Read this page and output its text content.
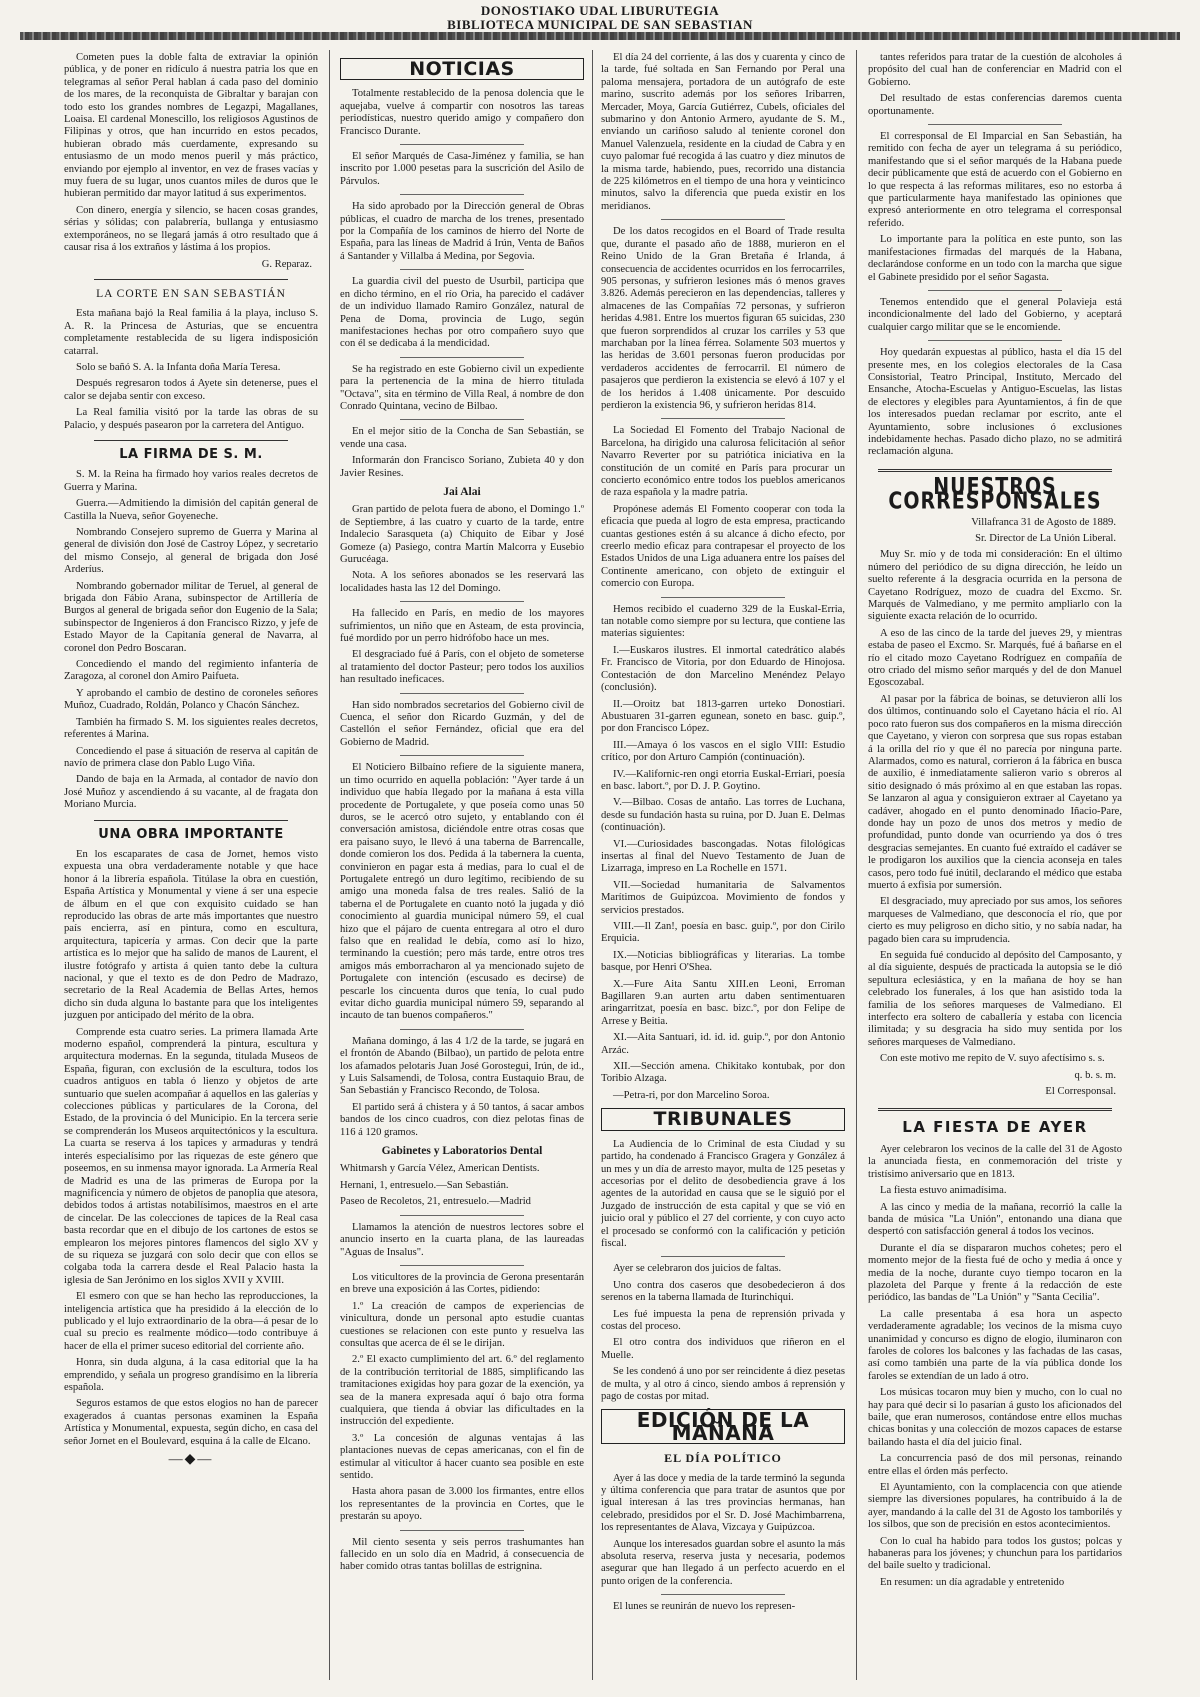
DONOSTIAKO UDAL LIBURUTEGIA
BIBLIOTECA MUNICIPAL DE SAN SEBASTIAN

Cometen pues la doble falta de extraviar la opinión pública, y de poner en ridículo á nuestra patria los que en telegramas al señor Peral hablan á cada paso del dominio de los mares, de la reconquista de Gibraltar y barajan con todo esto los grandes nombres de Legazpi, Magallanes, Loaisa. El cardenal Monescillo, los religiosos Agustinos de Filipinas y otros, que han incurrido en estos pecados, hubieran obrado más cuerdamente, expresando su entusiasmo de un modo menos pueril y más práctico, enviando por ejemplo al inventor, en vez de frases vacías y muy fuera de su lugar, unos cuantos miles de duros que le hubieran permitido dar mayor latitud á sus experimentos.

Con dinero, energía y silencio, se hacen cosas grandes, sérias y sólidas; con palabrería, bullanga y entusiasmo extemporáneos, no se llegará jamás á otro resultado que á causar risa á los extraños y lástima á los propios.

G. Reparaz.

LA CORTE EN SAN SEBASTIÁN

Esta mañana bajó la Real familia á la playa, incluso S. A. R. la Princesa de Asturias, que se encuentra completamente restablecida de su ligera indisposición catarral.

Solo se bañó S. A. la Infanta doña María Teresa.

Después regresaron todos á Ayete sin detenerse, pues el calor se dejaba sentir con exceso.

La Real familia visitó por la tarde las obras de su Palacio, y después pasearon por la carretera del Antiguo.

LA FIRMA DE S. M.

S. M. la Reina ha firmado hoy varios reales decretos de Guerra y Marina.

Guerra.—Admitiendo la dimisión del capitán general de Castilla la Nueva, señor Goyeneche.

Nombrando Consejero supremo de Guerra y Marina al general de división don José de Castroy López, y secretario del mismo Consejo, al general de brigada don José Arderíus.

Nombrando gobernador militar de Teruel, al general de brigada don Fábio Arana, subinspector de Artillería de Burgos al general de brigada señor don Eugenio de la Sala; subinspector de Ingenieros á don Francisco Rizzo, y jefe de Estado Mayor de la Capitanía general de Navarra, al coronel don Pedro Boscaran.

Concediendo el mando del regimiento infantería de Zaragoza, al coronel don Amiro Paifueta.

Y aprobando el cambio de destino de coroneles señores Muñoz, Cuadrado, Roldán, Polanco y Chacón Sánchez.

También ha firmado S. M. los siguientes reales decretos, referentes á Marina.

Concediendo el pase á situación de reserva al capitán de navío de primera clase don Pablo Lugo Viña.

Dando de baja en la Armada, al contador de navío don José Muñoz y ascendiendo á su vacante, al de fragata don Moriano Murcia.

UNA OBRA IMPORTANTE

En los escaparates de casa de Jornet, hemos visto expuesta una obra verdaderamente notable y que hace honor á la librería española. Titúlase la obra en cuestión, España Artística y Monumental y viene á ser una especie de álbum en el que con exquisito cuidado se han reproducido las obras de arte más importantes que nuestro país encierra, así en pintura, como en escultura, arquitectura, tapicería y armas. Con decir que la parte artística es lo mejor que ha salido de manos de Laurent, el ilustre fotógrafo y artista á quien tanto debe la cultura nacional, y que el texto es de don Pedro de Madrazo, secretario de la Real Academia de Bellas Artes, hemos dicho sin duda alguna lo bastante para que los inteligentes juzguen por anticipado del mérito de la obra.

Comprende esta cuatro series. La primera llamada Arte moderno español, comprenderá la pintura, escultura y arquitectura modernas. En la segunda, titulada Museos de España, figuran, con exclusión de la escultura, todos los cuadros antiguos en tabla ó lienzo y objetos de arte suntuario que suelen acompañar á aquellos en las galerías y colecciones públicas y particulares de la Corona, del Estado, de la provincia ó del Municipio. En la tercera serie se comprenderán los Museos arquitectónicos y la escultura. La cuarta se reserva á los tapices y armaduras y tendrá interés especialísimo por las riquezas de este género que poseemos, en su inmensa mayor ignorada. La Armería Real de Madrid es una de las primeras de Europa por la magnificencia y número de objetos de panoplia que atesora, debidos todos á artistas notabilísimos, maestros en el arte de cincelar. De las colecciones de tapices de la Real casa basta recordar que en el dibujo de los cartones de estos se emplearon los mejores pintores flamencos del siglo XV y de su riqueza se juzgará con solo decir que con ellos se colgaba toda la carrera desde el Real Palacio hasta la iglesia de San Jerónimo en los siglos XVII y XVIII.

El esmero con que se han hecho las reproducciones, la inteligencia artística que ha presidido á la elección de lo publicado y el lujo extraordinario de la obra—á pesar de lo cual su precio es realmente módico—todo contribuye á hacer de ella el primer suceso editorial del corriente año.

Honra, sin duda alguna, á la casa editorial que la ha emprendido, y señala un progreso grandísimo en la librería española.

Seguros estamos de que estos elogios no han de parecer exagerados á cuantas personas examinen la España Artística y Monumental, expuesta, según dicho, en casa del señor Jornet en el Boulevard, esquina á la calle de Elcano.

—◆—
NOTICIAS

Totalmente restablecido de la penosa dolencia que le aquejaba, vuelve á compartir con nosotros las tareas periodísticas, nuestro querido amigo y compañero don Francisco Durante.

El señor Marqués de Casa-Jiménez y familia, se han inscrito por 1.000 pesetas para la suscrición del Asilo de Párvulos.

Ha sido aprobado por la Dirección general de Obras públicas, el cuadro de marcha de los trenes, presentado por la Compañía de los caminos de hierro del Norte de España, para las líneas de Madrid á Irún, Venta de Baños á Santander y Villalba á Medina, por Segovia.

La guardia civil del puesto de Usurbil, participa que en dicho término, en el río Oria, ha parecido el cadáver de un individuo llamado Ramiro González, natural de Pena de Doma, provincia de Lugo, según manifestaciones hechas por otro compañero suyo que con él se dedicaba á la mendicidad.

Se ha registrado en este Gobierno civil un expediente para la pertenencia de la mina de hierro titulada "Octava", sita en término de Villa Real, á nombre de don Conrado Quintana, vecino de Bilbao.

En el mejor sitio de la Concha de San Sebastián, se vende una casa.

Informarán don Francisco Soriano, Zubieta 40 y don Javier Resines.

Jai Alai

Gran partido de pelota fuera de abono, el Domingo 1.º de Septiembre, á las cuatro y cuarto de la tarde, entre Indalecio Sarasqueta (a) Chiquito de Eibar y José Gomeze (a) Pasiego, contra Martín Malcorra y Eusebio Gurucéaga.

Nota. A los señores abonados se les reservará las localidades hasta las 12 del Domingo.

Ha fallecido en París, en medio de los mayores sufrimientos, un niño que en Asteam, de esta provincia, fué mordido por un perro hidrófobo hace un mes.

El desgraciado fué á París, con el objeto de someterse al tratamiento del doctor Pasteur; pero todos los auxilios han resultado ineficaces.

Han sido nombrados secretarios del Gobierno civil de Cuenca, el señor don Ricardo Guzmán, y del de Castellón el señor Fernández, oficial que era del Gobierno de Madrid.

El Noticiero Bilbaíno refiere de la siguiente manera, un timo ocurrido en aquella población: "Ayer tarde á un individuo que había llegado por la mañana á esta villa procedente de Portugalete, y que poseía como unas 50 duros, se le acercó otro sujeto, y entablando con él conversación amistosa, diciéndole entre otras cosas que era paisano suyo, le llevó á una taberna de Barrencalle, donde comieron los dos. Pedida á la tabernera la cuenta, convinieron en pagar esta á medias, para lo cual el de Portugalete entregó un duro legítimo, recibiendo de su amigo una moneda falsa de tres reales. Salió de la taberna el de Portugalete en cuanto notó la jugada y dió conocimiento al guardia municipal número 59, el cual hizo que el pájaro de cuenta entregara al otro el duro falso que en realidad le debía, como así lo hizo, terminando la cuestión; pero más tarde, entre otros tres amigos más emborracharon al ya mencionado sujeto de Portugalete con intención (escusado es decirse) de pescarle los cincuenta duros que tenía, lo cual pudo evitar dicho guardia municipal número 59, separando al incauto de tan buenos compañeros."

Mañana domingo, á las 4 1/2 de la tarde, se jugará en el frontón de Abando (Bilbao), un partido de pelota entre los afamados pelotaris Juan José Gorostegui, Irún, de id., y Luis Salsamendi, de Tolosa, contra Eustaquio Brau, de San Sebastián y Francisco Recondo, de Tolosa.

El partido será á chistera y á 50 tantos, á sacar ambos bandos de los cinco cuadros, con diez pelotas finas de 116 á 120 gramos.

Gabinetes y Laboratorios Dental

Whitmarsh y García Vélez, American Dentists.

Hernani, 1, entresuelo.—San Sebastián.

Paseo de Recoletos, 21, entresuelo.—Madrid

Llamamos la atención de nuestros lectores sobre el anuncio inserto en la cuarta plana, de las laureadas "Aguas de Insalus".

Los viticultores de la provincia de Gerona presentarán en breve una exposición á las Cortes, pidiendo:

1.º La creación de campos de experiencias de vinicultura, donde un personal apto estudie cuantas cuestiones se relacionen con este punto y resuelva las consultas que acerca de él se le dirijan.

2.º El exacto cumplimiento del art. 6.º del reglamento de la contribución territorial de 1885, simplificando las tramitaciones exigidas hoy para gozar de la exención, ya sea de la manera expresada aquí ó bajo otra forma cualquiera, que tienda á obviar las dificultades en la instrucción del expediente.

3.º La concesión de algunas ventajas á las plantaciones nuevas de cepas americanas, con el fin de estimular al viticultor á hacer cuanto sea posible en este sentido.

Hasta ahora pasan de 3.000 los firmantes, entre ellos los representantes de la provincia en Cortes, que le prestarán su apoyo.

Mil ciento sesenta y seis perros trashumantes han fallecido en un solo día en Madrid, á consecuencia de haber comido otras tantas bolillas de estrignina.

El día 24 del corriente, á las dos y cuarenta y cinco de la tarde, fué soltada en San Fernando por Peral una paloma mensajera, portadora de un autógrafo de este marino, suscrito además por los señores Iribarren, Mercader, Moya, García Gutiérrez, Cubels, oficiales del submarino y don Antonio Armero, ayudante de S. M., enviando un cariñoso saludo al teniente coronel don Manuel Valenzuela, residente en la ciudad de Cabra y en cuyo palomar fué recogida á las cuatro y diez minutos de la misma tarde, habiendo, pues, recorrido una distancia de 225 kilómetros en el tiempo de una hora y veinticinco minutos, salvo la diferencia que pueda existir en los meridianos.

De los datos recogidos en el Board of Trade resulta que, durante el pasado año de 1888, murieron en el Reino Unido de la Gran Bretaña é Irlanda, á consecuencia de accidentes ocurridos en los ferrocarriles, 905 personas, y sufrieron lesiones más ó menos graves 3.826. Además perecieron en las dependencias, talleres y almacenes de las Compañías 72 personas, y sufrieron heridas 4.981. Entre los muertos figuran 65 suicidas, 230 que fueron sorprendidos al cruzar los carriles y 53 que marchaban por la línea férrea. Solamente 503 muertos y las heridas de 3.601 personas fueron producidas por verdaderos accidentes de ferrocarril. El número de pasajeros que perdieron la existencia se elevó á 107 y el de los heridos á 1.408 únicamente. Por descuido perdieron la existencia 96, y sufrieron heridas 814.

La Sociedad El Fomento del Trabajo Nacional de Barcelona, ha dirigido una calurosa felicitación al señor Navarro Reverter por su patriótica iniciativa en la constitución de un comité en París para procurar un concierto económico entre todos los pueblos americanos de raza española y la madre patria.

Propónese además El Fomento cooperar con toda la eficacia que pueda al logro de esta empresa, practicando cuantas gestiones estén á su alcance á dicho efecto, por creerlo medio eficaz para contrapesar el proyecto de los Estados Unidos de una Liga aduanera entre los países del Continente americano, con objeto de extinguir el comercio con Europa.

Hemos recibido el cuaderno 329 de la Euskal-Erria, tan notable como siempre por su lectura, que contiene las materias siguientes:

I.—Euskaros ilustres. El inmortal catedrático alabés Fr. Francisco de Vitoria, por don Eduardo de Hinojosa. Contestación de don Marcelino Menéndez Pelayo (conclusión).

II.—Oroitz bat 1813-garren urteko Donostiari. Abustuaren 31-garren egunean, soneto en basc. guip.º, por don Francisco López.

III.—Amaya ó los vascos en el siglo VIII: Estudio crítico, por don Arturo Campión (continuación).

IV.—Kalifornic-ren ongi etorria Euskal-Erriari, poesía en basc. labort.º, por D. J. P. Goytino.

V.—Bilbao. Cosas de antaño. Las torres de Luchana, desde su fundación hasta su ruina, por D. Juan E. Delmas (continuación).

VI.—Curiosidades bascongadas. Notas filológicas insertas al final del Nuevo Testamento de Juan de Lizarraga, impreso en La Rochelle en 1571.

VII.—Sociedad humanitaria de Salvamentos Marítimos de Guipúzcoa. Movimiento de fondos y servicios prestados.

VIII.—Il Zan!, poesía en basc. guip.º, por don Cirilo Erquicia.

IX.—Noticias bibliográficas y literarias. La tombe basque, por Henri O'Shea.

X.—Fure Aita Santu XIII.en Leoni, Erroman Bagillaren 9.an aurten artu daben sentimentuaren aringarritzat, poesía en basc. bizc.º, por don Felipe de Arrese y Beitia.

XI.—Aita Santuari, id. id. id. guip.º, por don Antonio Arzác.

XII.—Sección amena. Chikitako kontubak, por don Toribio Alzaga.

—Petra-ri, por don Marcelino Soroa.

TRIBUNALES

La Audiencia de lo Criminal de esta Ciudad y su partido, ha condenado á Francisco Gragera y González á un mes y un día de arresto mayor, multa de 125 pesetas y accesorias por el delito de desobediencia grave á los agentes de la autoridad en causa que se le siguió por el Juzgado de instrucción de esta capital y que se vió en juicio oral y público el 27 del corriente, y con cuyo acto el procesado se conformó con la calificación y petición fiscal.

Ayer se celebraron dos juicios de faltas.

Uno contra dos caseros que desobedecieron á dos serenos en la taberna llamada de Iturinchiqui.

Les fué impuesta la pena de reprensión privada y costas del proceso.

El otro contra dos individuos que riñeron en el Muelle.

Se les condenó á uno por ser reincidente á diez pesetas de multa, y al otro á cinco, siendo ambos á reprensión y pago de costas por mitad.

EDICIÓN DE LA MAÑANA
EL DÍA POLÍTICO

Ayer á las doce y media de la tarde terminó la segunda y última conferencia que para tratar de asuntos que por igual interesan á las tres provincias hermanas, han celebrado, presididos por el Sr. D. José Machimbarrena, los representantes de Alava, Vizcaya y Guipúzcoa.

Aunque los interesados guardan sobre el asunto la más absoluta reserva, reserva justa y necesaria, podemos asegurar que han llegado á un perfecto acuerdo en el punto origen de la conferencia.

El lunes se reunirán de nuevo los represen-

tantes referidos para tratar de la cuestión de alcoholes á propósito del cual han de conferenciar en Madrid con el Gobierno.

Del resultado de estas conferencias daremos cuenta oportunamente.

El corresponsal de El Imparcial en San Sebastián, ha remitido con fecha de ayer un telegrama á su periódico, manifestando que si el señor marqués de la Habana puede decir públicamente que está de acuerdo con el Gobierno en lo que respecta á las reformas militares, eso no estorba á que particularmente haya manifestado las opiniones que expresó anteriormente en otro telegrama el corresponsal referido.

Lo importante para la política en este punto, son las manifestaciones firmadas del marqués de la Habana, declarándose conforme en un todo con la marcha que sigue el Gabinete presidido por el señor Sagasta.

Tenemos entendido que el general Polavieja está incondicionalmente del lado del Gobierno, y aceptará cualquier cargo militar que se le encomiende.

Hoy quedarán expuestas al público, hasta el día 15 del presente mes, en los colegios electorales de la Casa Consistorial, Teatro Principal, Instituto, Mercado del Ensanche, Atocha-Escuelas y Antiguo-Escuelas, las listas de electores y elegibles para Ayuntamientos, á fin de que los interesados puedan reclamar por escrito, ante el Ayuntamiento, sobre inclusiones ó exclusiones indebidamente hechas. Pasado dicho plazo, no se admitirá reclamación alguna.

NUESTROS CORRESPONSALES

Villafranca 31 de Agosto de 1889.

Sr. Director de La Unión Liberal.

Muy Sr. mío y de toda mi consideración: En el último número del periódico de su digna dirección, he leído un suelto referente á la desgracia ocurrida en la persona de Cayetano Rodríguez, mozo de cuadra del Excmo. Sr. Marqués de Valmediano, y me permito ampliarlo con la siguiente exacta relación de lo ocurrido.

A eso de las cinco de la tarde del jueves 29, y mientras estaba de paseo el Excmo. Sr. Marqués, fué á bañarse en el río el citado mozo Cayetano Rodríguez en compañía de otro criado del mismo señor marqués y del de don Manuel Egoscozabal.

Al pasar por la fábrica de boinas, se detuvieron allí los dos últimos, continuando solo el Cayetano hácia el río. Al poco rato fueron sus dos compañeros en la misma dirección que Cayetano, y vieron con sorpresa que sus ropas estaban á la orilla del río y que él no parecía por ninguna parte. Alarmados, como es natural, corrieron á la fábrica en busca de auxilio, é inmediatamente salieron vario s obreros al sitio designado ó más próximo al en que estaban las ropas. Se lanzaron al agua y consiguieron extraer al Cayetano ya cadáver, ahogado en el punto denominado Iñacio-Pare, donde hay un pozo de unos dos metros y medio de profundidad, punto donde van ocurriendo ya dos ó tres desgracias semejantes. En cuanto fué extraído el cadáver se le prodigaron los auxilios que la ciencia aconseja en tales casos, pero todo fué inútil, declarando el médico que estaba muerto á exfisia por sumersión.

El desgraciado, muy apreciado por sus amos, los señores marqueses de Valmediano, que desconocía el río, que por cierto es muy peligroso en dicho sitio, y no sabía nadar, ha pagado bien cara su imprudencia.

En seguida fué conducido al depósito del Camposanto, y al día siguiente, después de practicada la autopsia se le dió sepultura eclesiástica, y en la mañana de hoy se han celebrado los funerales, á los que han asistido toda la familia de los señores marqueses de Valmediano. El interfecto era soltero de caballería y estaba con licencia ilimitada; y su desgracia ha sido muy sentida por los señores marqueses de Valmediano.

Con este motivo me repito de V. suyo afectísimo s. s.

q. b. s. m.

El Corresponsal.

LA FIESTA DE AYER

Ayer celebraron los vecinos de la calle del 31 de Agosto la anunciada fiesta, en conmemoración del triste y tristísimo aniversario que en 1813.

La fiesta estuvo animadísima.

A las cinco y media de la mañana, recorrió la calle la banda de música "La Unión", entonando una diana que despertó con satisfacción general á todos los vecinos.

Durante el día se dispararon muchos cohetes; pero el momento mejor de la fiesta fué de ocho y media á once y media de la noche, durante cuyo tiempo tocaron en la plazoleta del Parque y frente á la redacción de este periódico, las bandas de "La Unión" y "Santa Cecilia".

La calle presentaba á esa hora un aspecto verdaderamente agradable; los vecinos de la misma cuyo unanimidad y concurso es digno de elogio, iluminaron con faroles de colores los balcones y las fachadas de las casas, así como también una parte de la vía pública donde los faroles se extendían de un lado á otro.

Los músicas tocaron muy bien y mucho, con lo cual no hay para qué decir si lo pasarían á gusto los aficionados del baile, que eran numerosos, contándose entre ellos muchas chicas bonitas y una colección de mozos capaces de estarse bailando hasta el día del juicio final.

La concurrencia pasó de dos mil personas, reinando entre ellas el órden más perfecto.

El Ayuntamiento, con la complacencia con que atiende siempre las diversiones populares, ha contribuido á la de ayer, mandando á la calle del 31 de Agosto los tamborilés y los silbos, que son de precisión en estos acontecimientos.

Con lo cual ha habido para todos los gustos; polcas y habaneras para los jóvenes; y chunchun para los partidarios del baile suelto y tradicional.

En resumen: un día agradable y entretenido
